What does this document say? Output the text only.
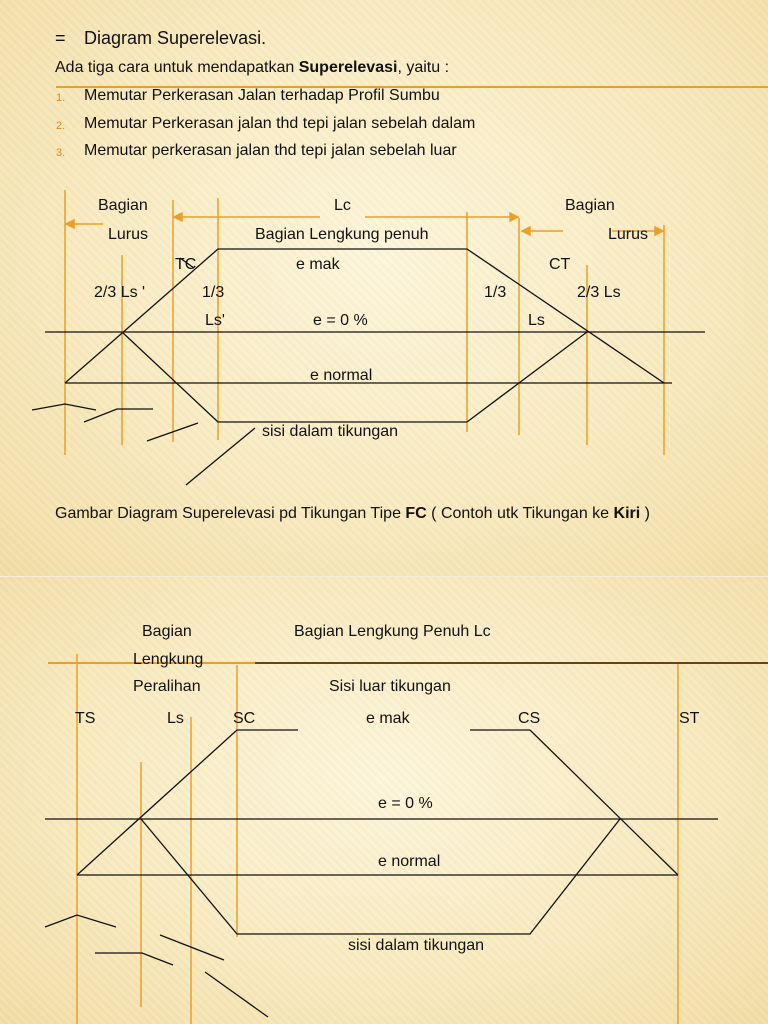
= Diagram Superelevasi.
Ada tiga cara untuk mendapatkan Superelevasi, yaitu :
1. Memutar Perkerasan Jalan terhadap Profil Sumbu
2. Memutar Perkerasan jalan thd tepi jalan sebelah dalam
3. Memutar perkerasan jalan thd tepi jalan sebelah luar
Bagian
Lurus
Lc	Bagian
Lurus
Bagian Lengkung penuh
TC	e mak	CT
2/3 Ls '	1/3	1/3	2/3 Ls
Ls'	e = 0 %	Ls
e normal
sisi dalam tikungan
Gambar Diagram Superelevasi pd Tikungan Tipe FC ( Contoh utk Tikungan ke Kiri )
Bagian
Lengkung
Peralihan
Bagian Lengkung Penuh Lc
Sisi luar tikungan
TS	Ls	SC	e mak	CS	ST
e = 0 %
e normal
sisi dalam tikungan
